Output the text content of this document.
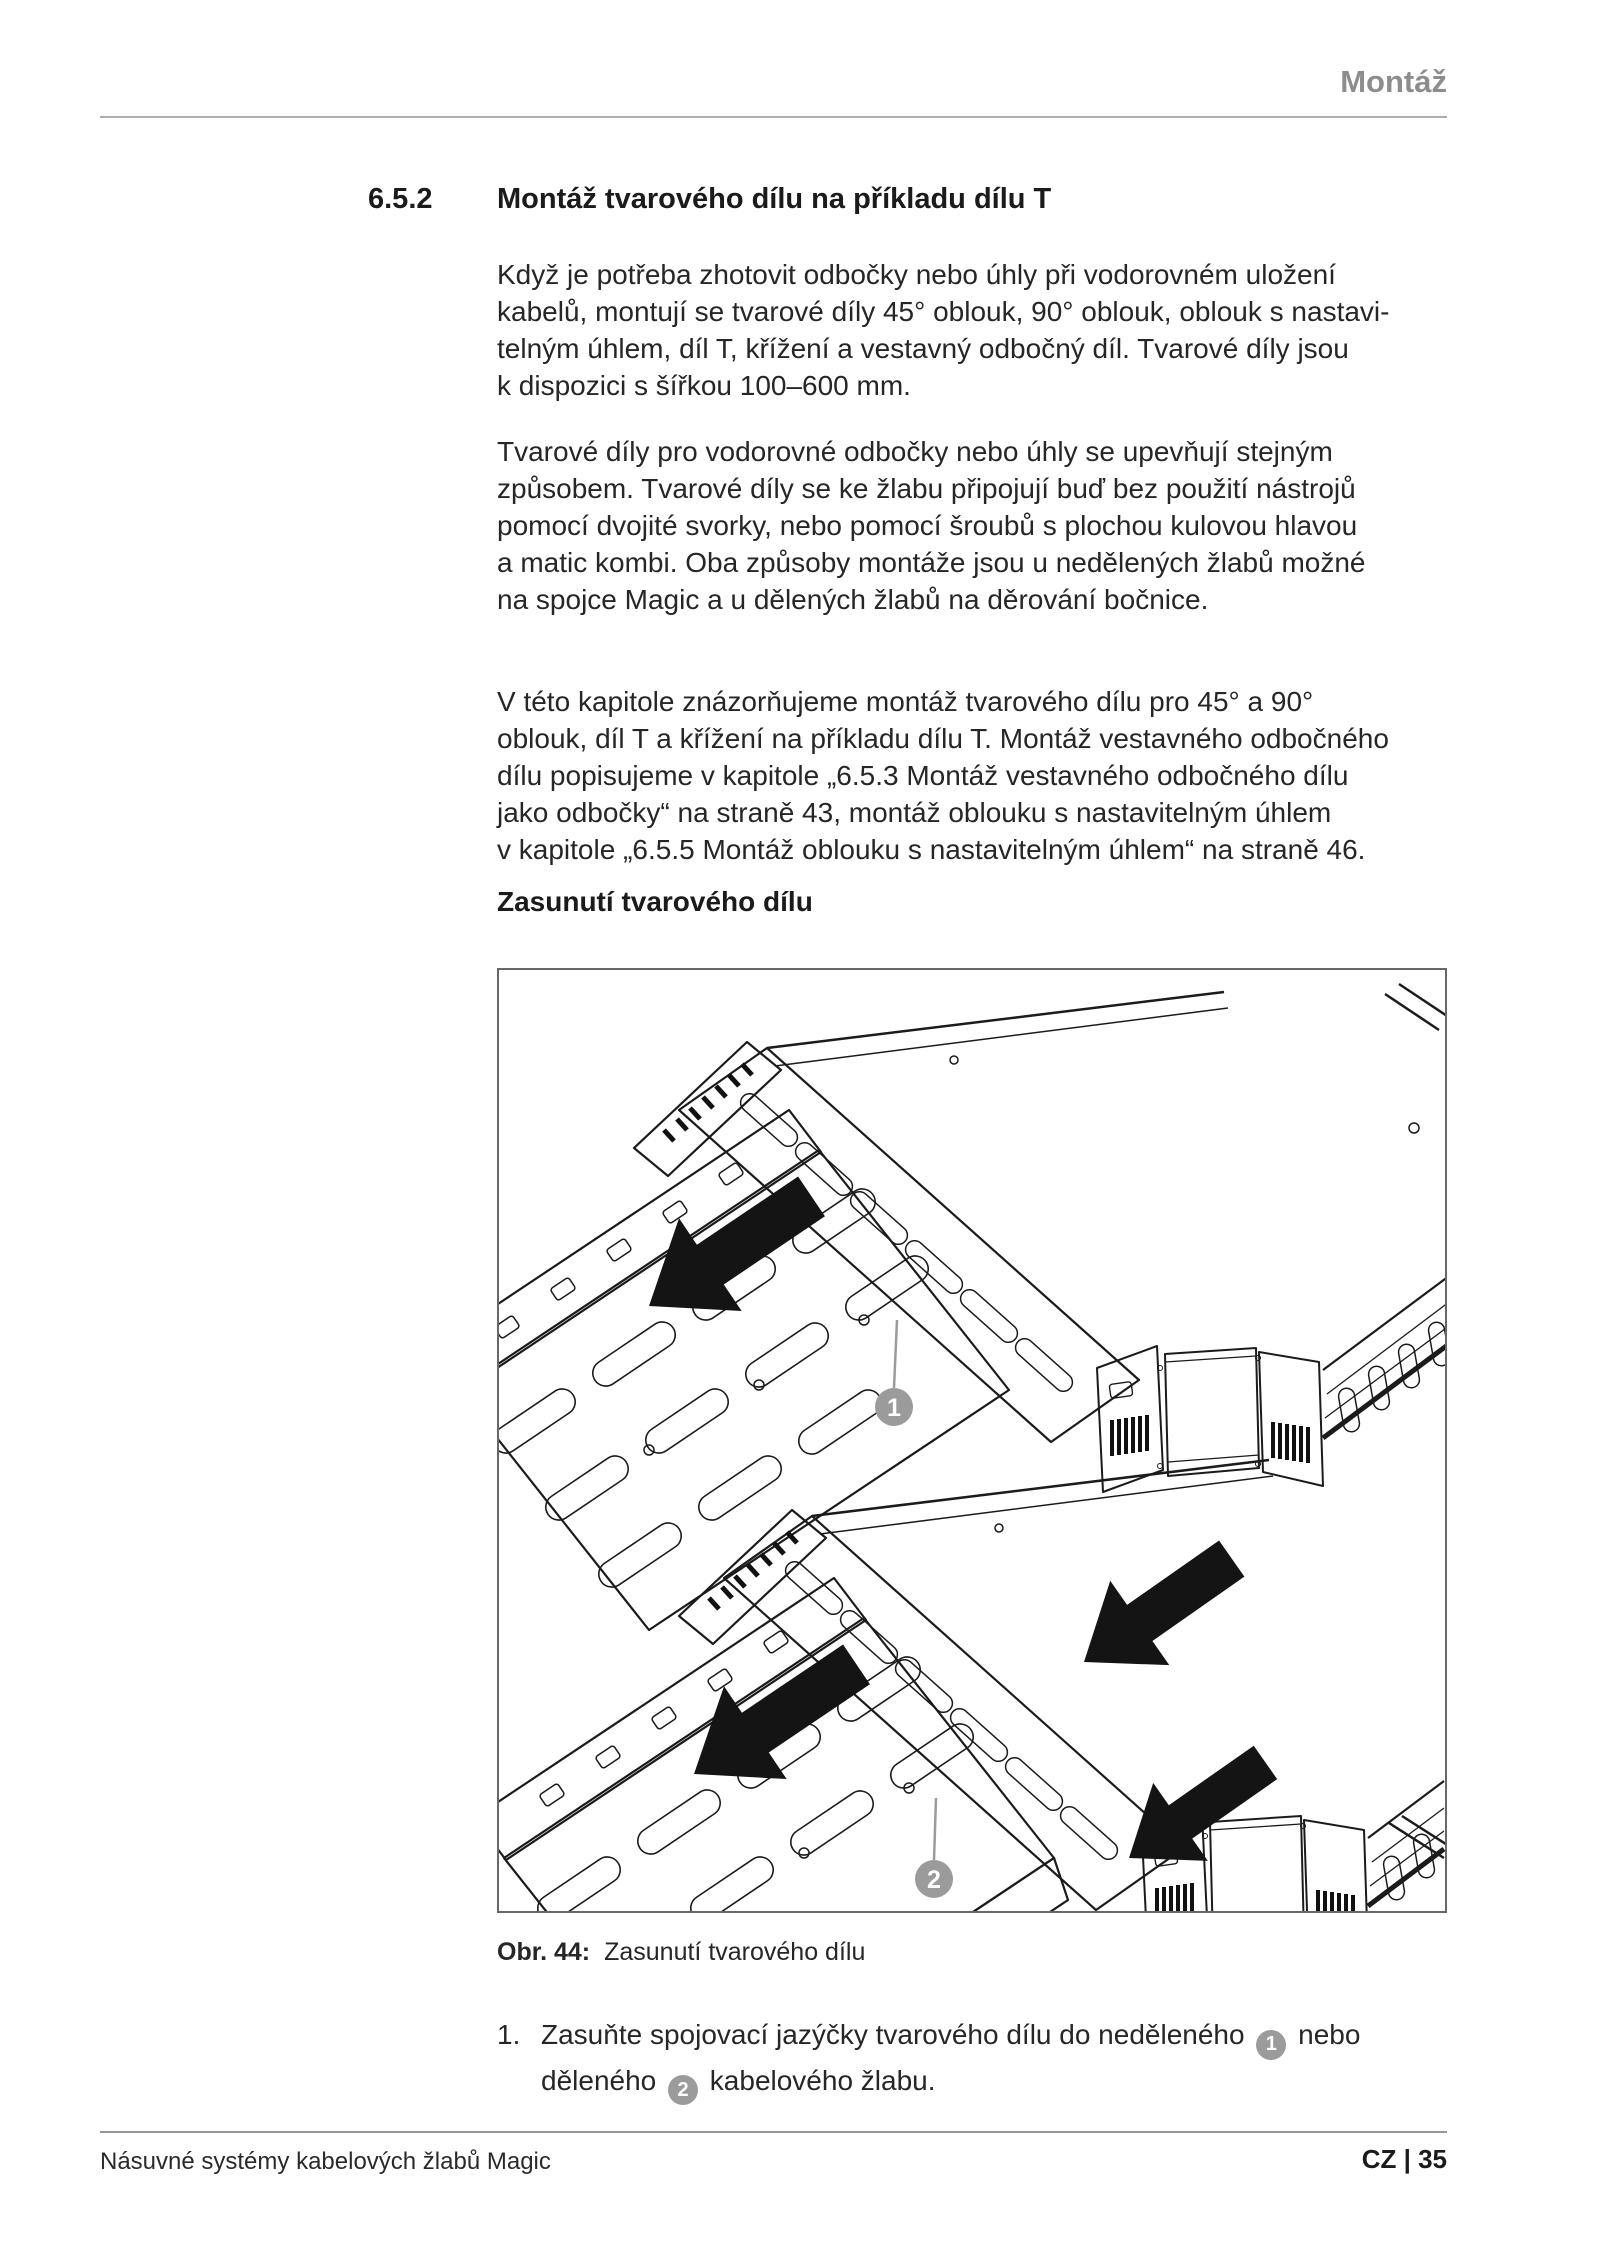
Montáž
6.5.2 Montáž tvarového dílu na příkladu dílu T
Když je potřeba zhotovit odbočky nebo úhly při vodorovném uložení
kabelů, montují se tvarové díly 45° oblouk, 90° oblouk, oblouk s nastavi-
telným úhlem, díl T, křížení a vestavný odbočný díl. Tvarové díly jsou
k dispozici s šířkou 100–600 mm.
Tvarové díly pro vodorovné odbočky nebo úhly se upevňují stejným
způsobem. Tvarové díly se ke žlabu připojují buď bez použití nástrojů
pomocí dvojité svorky, nebo pomocí šroubů s plochou kulovou hlavou
a matic kombi. Oba způsoby montáže jsou u nedělených žlabů možné
na spojce Magic a u dělených žlabů na děrování bočnice.
V této kapitole znázorňujeme montáž tvarového dílu pro 45° a 90°
oblouk, díl T a křížení na příkladu dílu T. Montáž vestavného odbočného
dílu popisujeme v kapitole „6.5.3 Montáž vestavného odbočného dílu
jako odbočky“ na straně 43, montáž oblouku s nastavitelným úhlem
v kapitole „6.5.5 Montáž oblouku s nastavitelným úhlem“ na straně 46.
Zasunutí tvarového dílu
1
2
Obr. 44: Zasunutí tvarového dílu
1. Zasuňte spojovací jazýčky tvarového dílu do neděleného 1 nebo
děleného 2 kabelového žlabu.
Násuvné systémy kabelových žlabů Magic	CZ | 35
